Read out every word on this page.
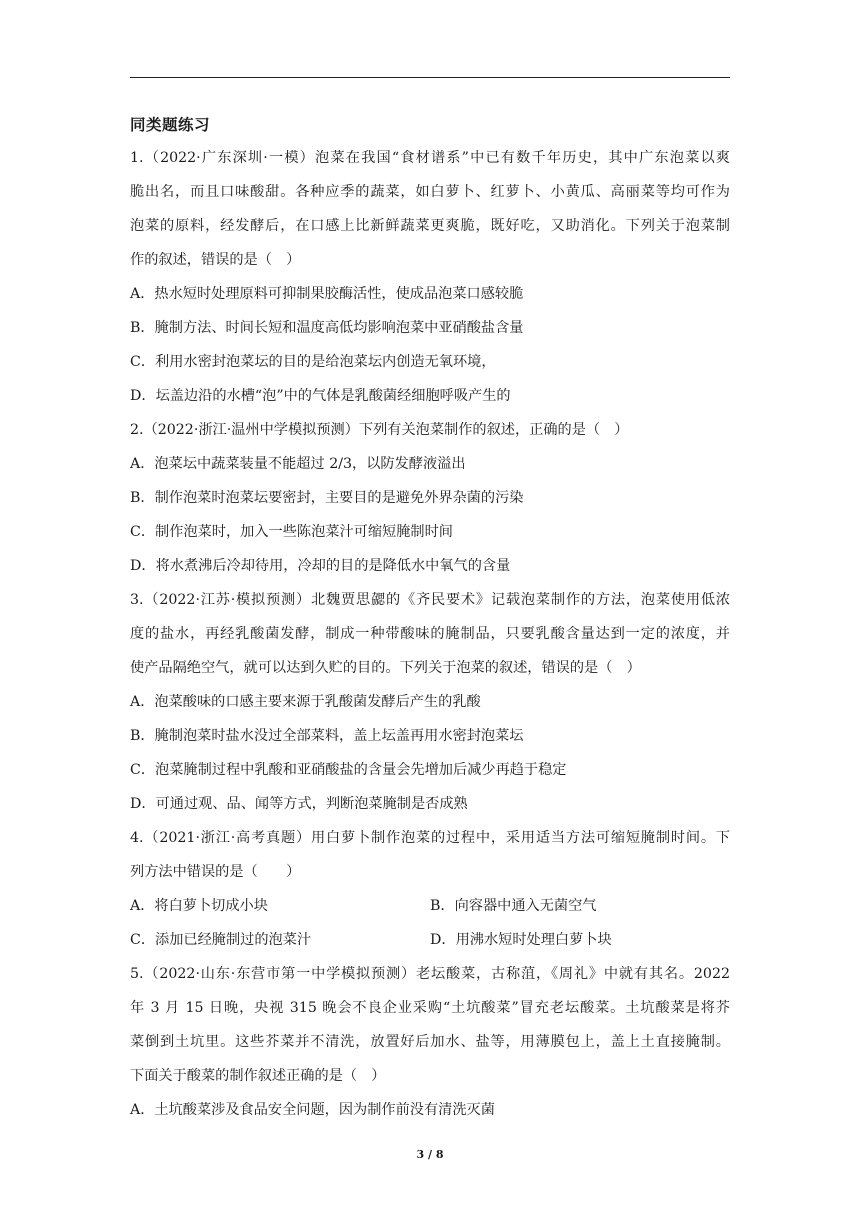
同类题练习
1.（2022·广东深圳·一模）泡菜在我国“食材谱系”中已有数千年历史，其中广东泡菜以爽
脆出名，而且口味酸甜。各种应季的蔬菜，如白萝卜、红萝卜、小黄瓜、高丽菜等均可作为
泡菜的原料，经发酵后，在口感上比新鲜蔬菜更爽脆，既好吃，又助消化。下列关于泡菜制
作的叙述，错误的是（　）
A．热水短时处理原料可抑制果胶酶活性，使成品泡菜口感较脆
B．腌制方法、时间长短和温度高低均影响泡菜中亚硝酸盐含量
C．利用水密封泡菜坛的目的是给泡菜坛内创造无氧环境，
D．坛盖边沿的水槽“泡”中的气体是乳酸菌经细胞呼吸产生的
2.（2022·浙江·温州中学模拟预测）下列有关泡菜制作的叙述，正确的是（　）
A．泡菜坛中蔬菜装量不能超过 2/3，以防发酵液溢出
B．制作泡菜时泡菜坛要密封，主要目的是避免外界杂菌的污染
C．制作泡菜时，加入一些陈泡菜汁可缩短腌制时间
D．将水煮沸后冷却待用，冷却的目的是降低水中氧气的含量
3.（2022·江苏·模拟预测）北魏贾思勰的《齐民要术》记载泡菜制作的方法，泡菜使用低浓
度的盐水，再经乳酸菌发酵，制成一种带酸味的腌制品，只要乳酸含量达到一定的浓度，并
使产品隔绝空气，就可以达到久贮的目的。下列关于泡菜的叙述，错误的是（　）
A．泡菜酸味的口感主要来源于乳酸菌发酵后产生的乳酸
B．腌制泡菜时盐水没过全部菜料，盖上坛盖再用水密封泡菜坛
C．泡菜腌制过程中乳酸和亚硝酸盐的含量会先增加后减少再趋于稳定
D．可通过观、品、闻等方式，判断泡菜腌制是否成熟
4.（2021·浙江·高考真题）用白萝卜制作泡菜的过程中，采用适当方法可缩短腌制时间。下
列方法中错误的是（　　）
A．将白萝卜切成小块	B．向容器中通入无菌空气
C．添加已经腌制过的泡菜汁	D．用沸水短时处理白萝卜块
5.（2022·山东·东营市第一中学模拟预测）老坛酸菜，古称菹，《周礼》中就有其名。2022
年 3 月 15 日晚，央视 315 晚会不良企业采购“土坑酸菜”冒充老坛酸菜。土坑酸菜是将芥
菜倒到土坑里。这些芥菜并不清洗，放置好后加水、盐等，用薄膜包上，盖上土直接腌制。
下面关于酸菜的制作叙述正确的是（　）
A．土坑酸菜涉及食品安全问题，因为制作前没有清洗灭菌
3 / 8
